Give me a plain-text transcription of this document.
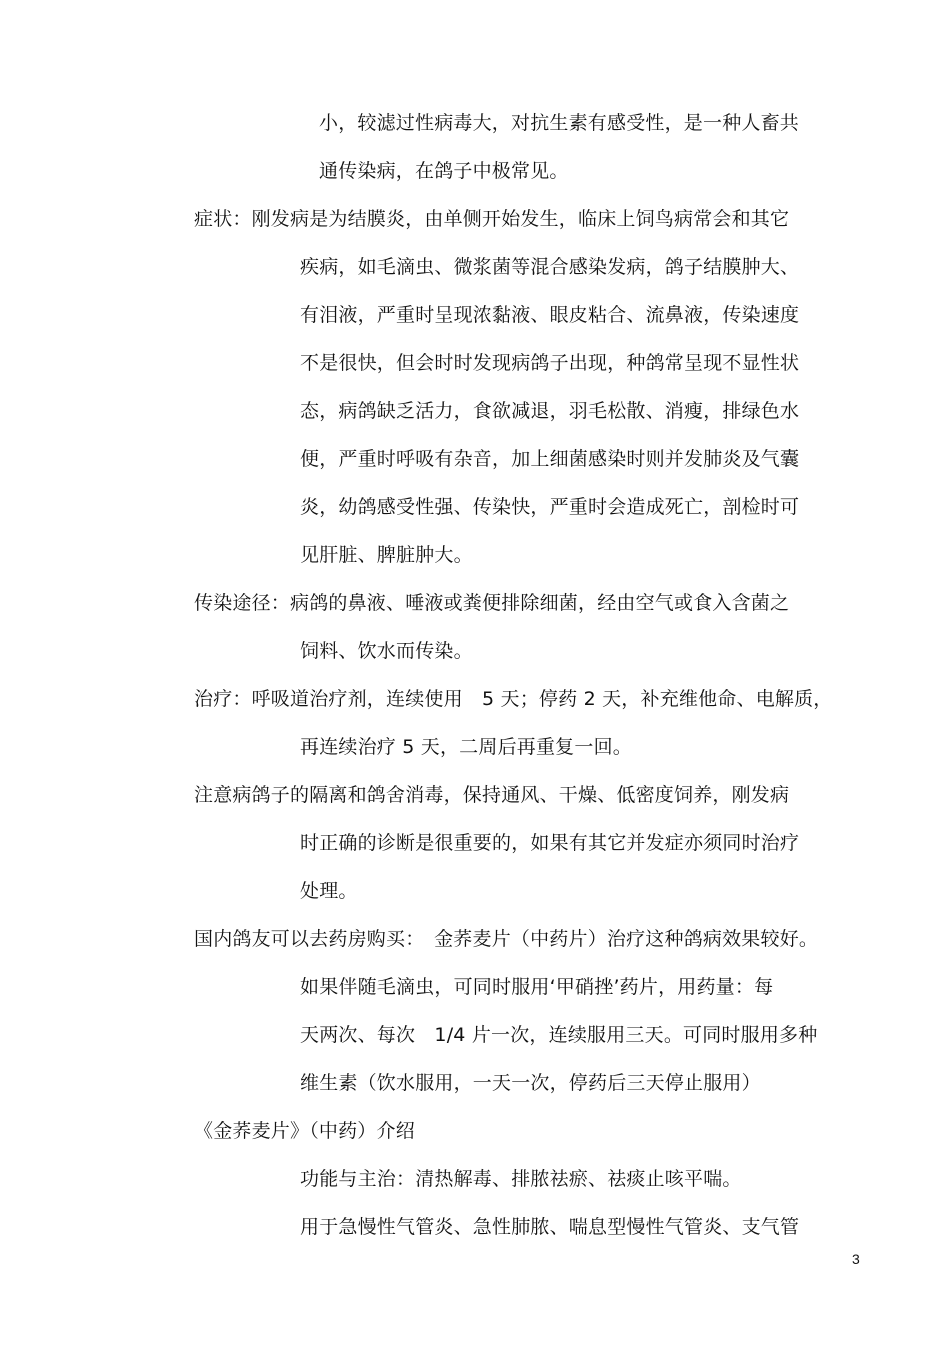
小，较滤过性病毒大，对抗生素有感受性，是一种人畜共
通传染病，在鸽子中极常见。
症状：刚发病是为结膜炎，由单侧开始发生，临床上饲鸟病常会和其它
疾病，如毛滴虫、微浆菌等混合感染发病，鸽子结膜肿大、
有泪液，严重时呈现浓黏液、眼皮粘合、流鼻液，传染速度
不是很快，但会时时发现病鸽子出现，种鸽常呈现不显性状
态，病鸽缺乏活力，食欲减退，羽毛松散、消瘦，排绿色水
便，严重时呼吸有杂音，加上细菌感染时则并发肺炎及气囊
炎，幼鸽感受性强、传染快，严重时会造成死亡，剖检时可
见肝脏、脾脏肿大。
传染途径：病鸽的鼻液、唾液或粪便排除细菌，经由空气或食入含菌之
饲料、饮水而传染。
治疗：呼吸道治疗剂，连续使用　5 天；停药 2 天，补充维他命、电解质，
再连续治疗 5 天，二周后再重复一回。
注意病鸽子的隔离和鸽舍消毒，保持通风、干燥、低密度饲养，刚发病
时正确的诊断是很重要的，如果有其它并发症亦须同时治疗
处理。
国内鸽友可以去药房购买：　金荞麦片（中药片）治疗这种鸽病效果较好。
如果伴随毛滴虫，可同时服用‘甲硝挫’药片，用药量：每
天两次、每次　1/4 片一次，连续服用三天。可同时服用多种
维生素（饮水服用，一天一次，停药后三天停止服用）
《金荞麦片》（中药）介绍
功能与主治：清热解毒、排脓祛瘀、祛痰止咳平喘。
用于急慢性气管炎、急性肺脓、喘息型慢性气管炎、支气管
3
